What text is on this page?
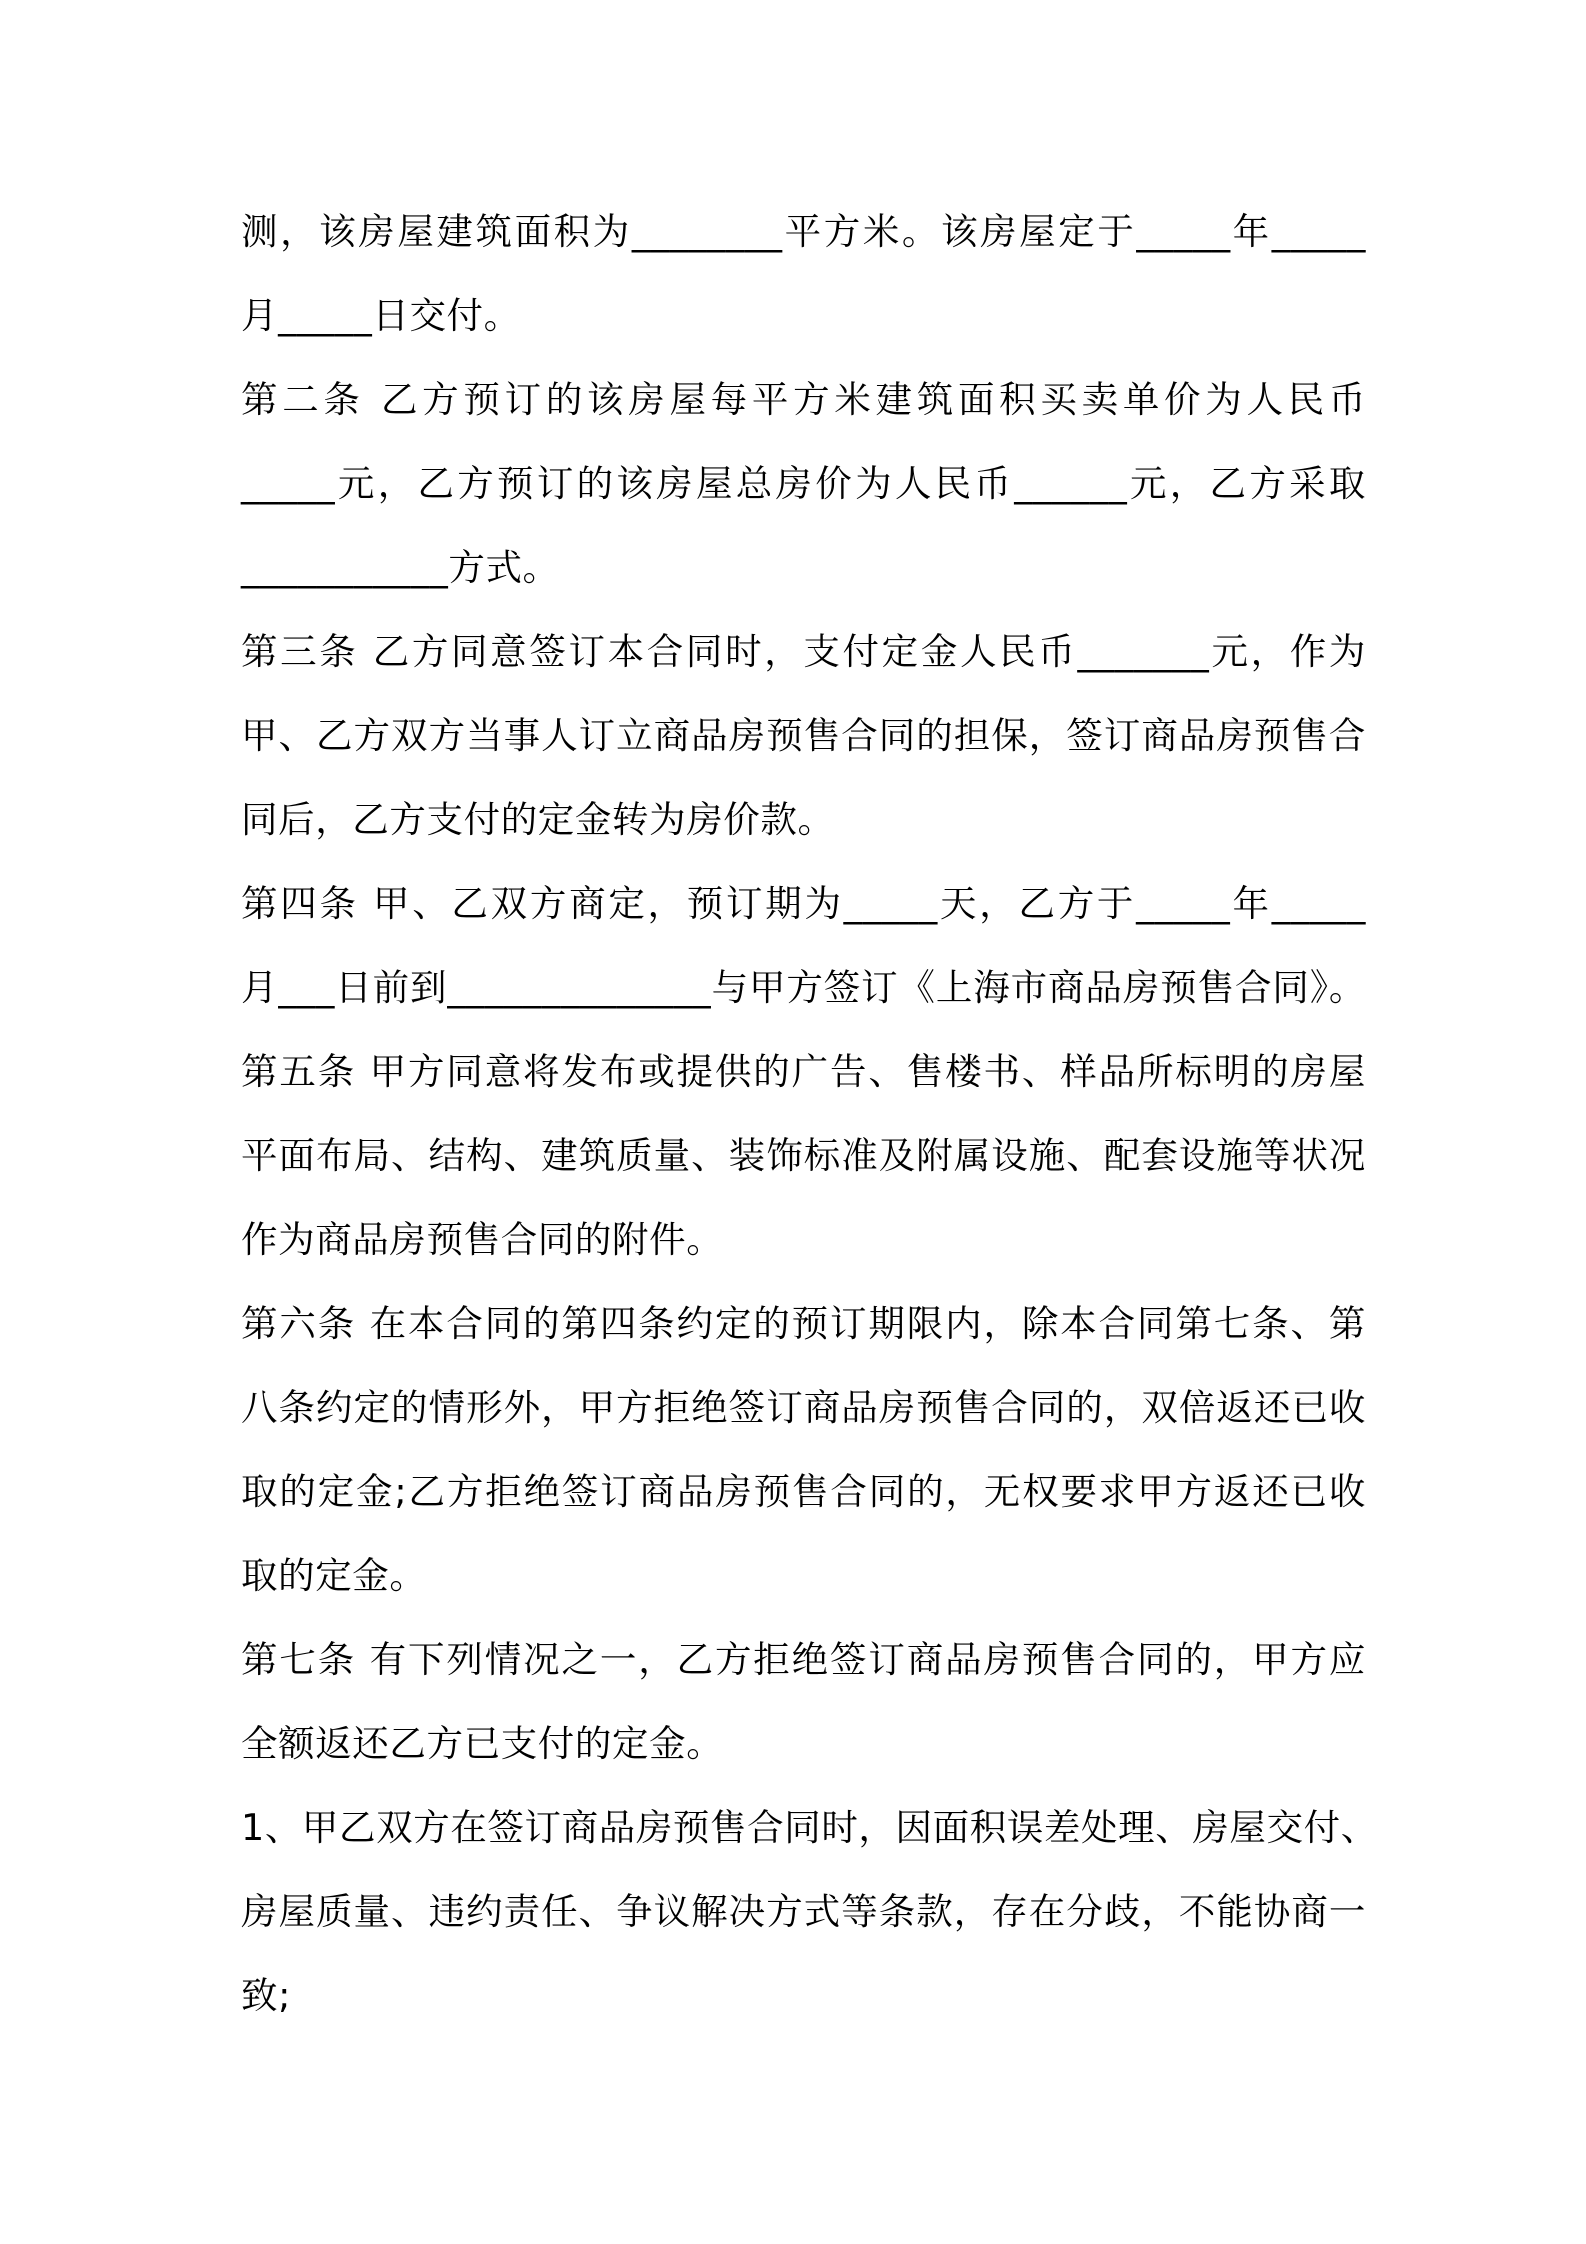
测，该房屋建筑面积为________平方米。该房屋定于_____年_____
月_____日交付。
第二条 乙方预订的该房屋每平方米建筑面积买卖单价为人民币
_____元，乙方预订的该房屋总房价为人民币______元，乙方采取
___________方式。
第三条 乙方同意签订本合同时，支付定金人民币_______元，作为
甲、乙方双方当事人订立商品房预售合同的担保，签订商品房预售合
同后，乙方支付的定金转为房价款。
第四条 甲、乙双方商定，预订期为_____天，乙方于_____年_____
月___日前到______________与甲方签订《上海市商品房预售合同》。
第五条 甲方同意将发布或提供的广告、售楼书、样品所标明的房屋
平面布局、结构、建筑质量、装饰标准及附属设施、配套设施等状况
作为商品房预售合同的附件。
第六条 在本合同的第四条约定的预订期限内，除本合同第七条、第
八条约定的情形外，甲方拒绝签订商品房预售合同的，双倍返还已收
取的定金;乙方拒绝签订商品房预售合同的，无权要求甲方返还已收
取的定金。
第七条 有下列情况之一，乙方拒绝签订商品房预售合同的，甲方应
全额返还乙方已支付的定金。
1、甲乙双方在签订商品房预售合同时，因面积误差处理、房屋交付、
房屋质量、违约责任、争议解决方式等条款，存在分歧，不能协商一
致;
